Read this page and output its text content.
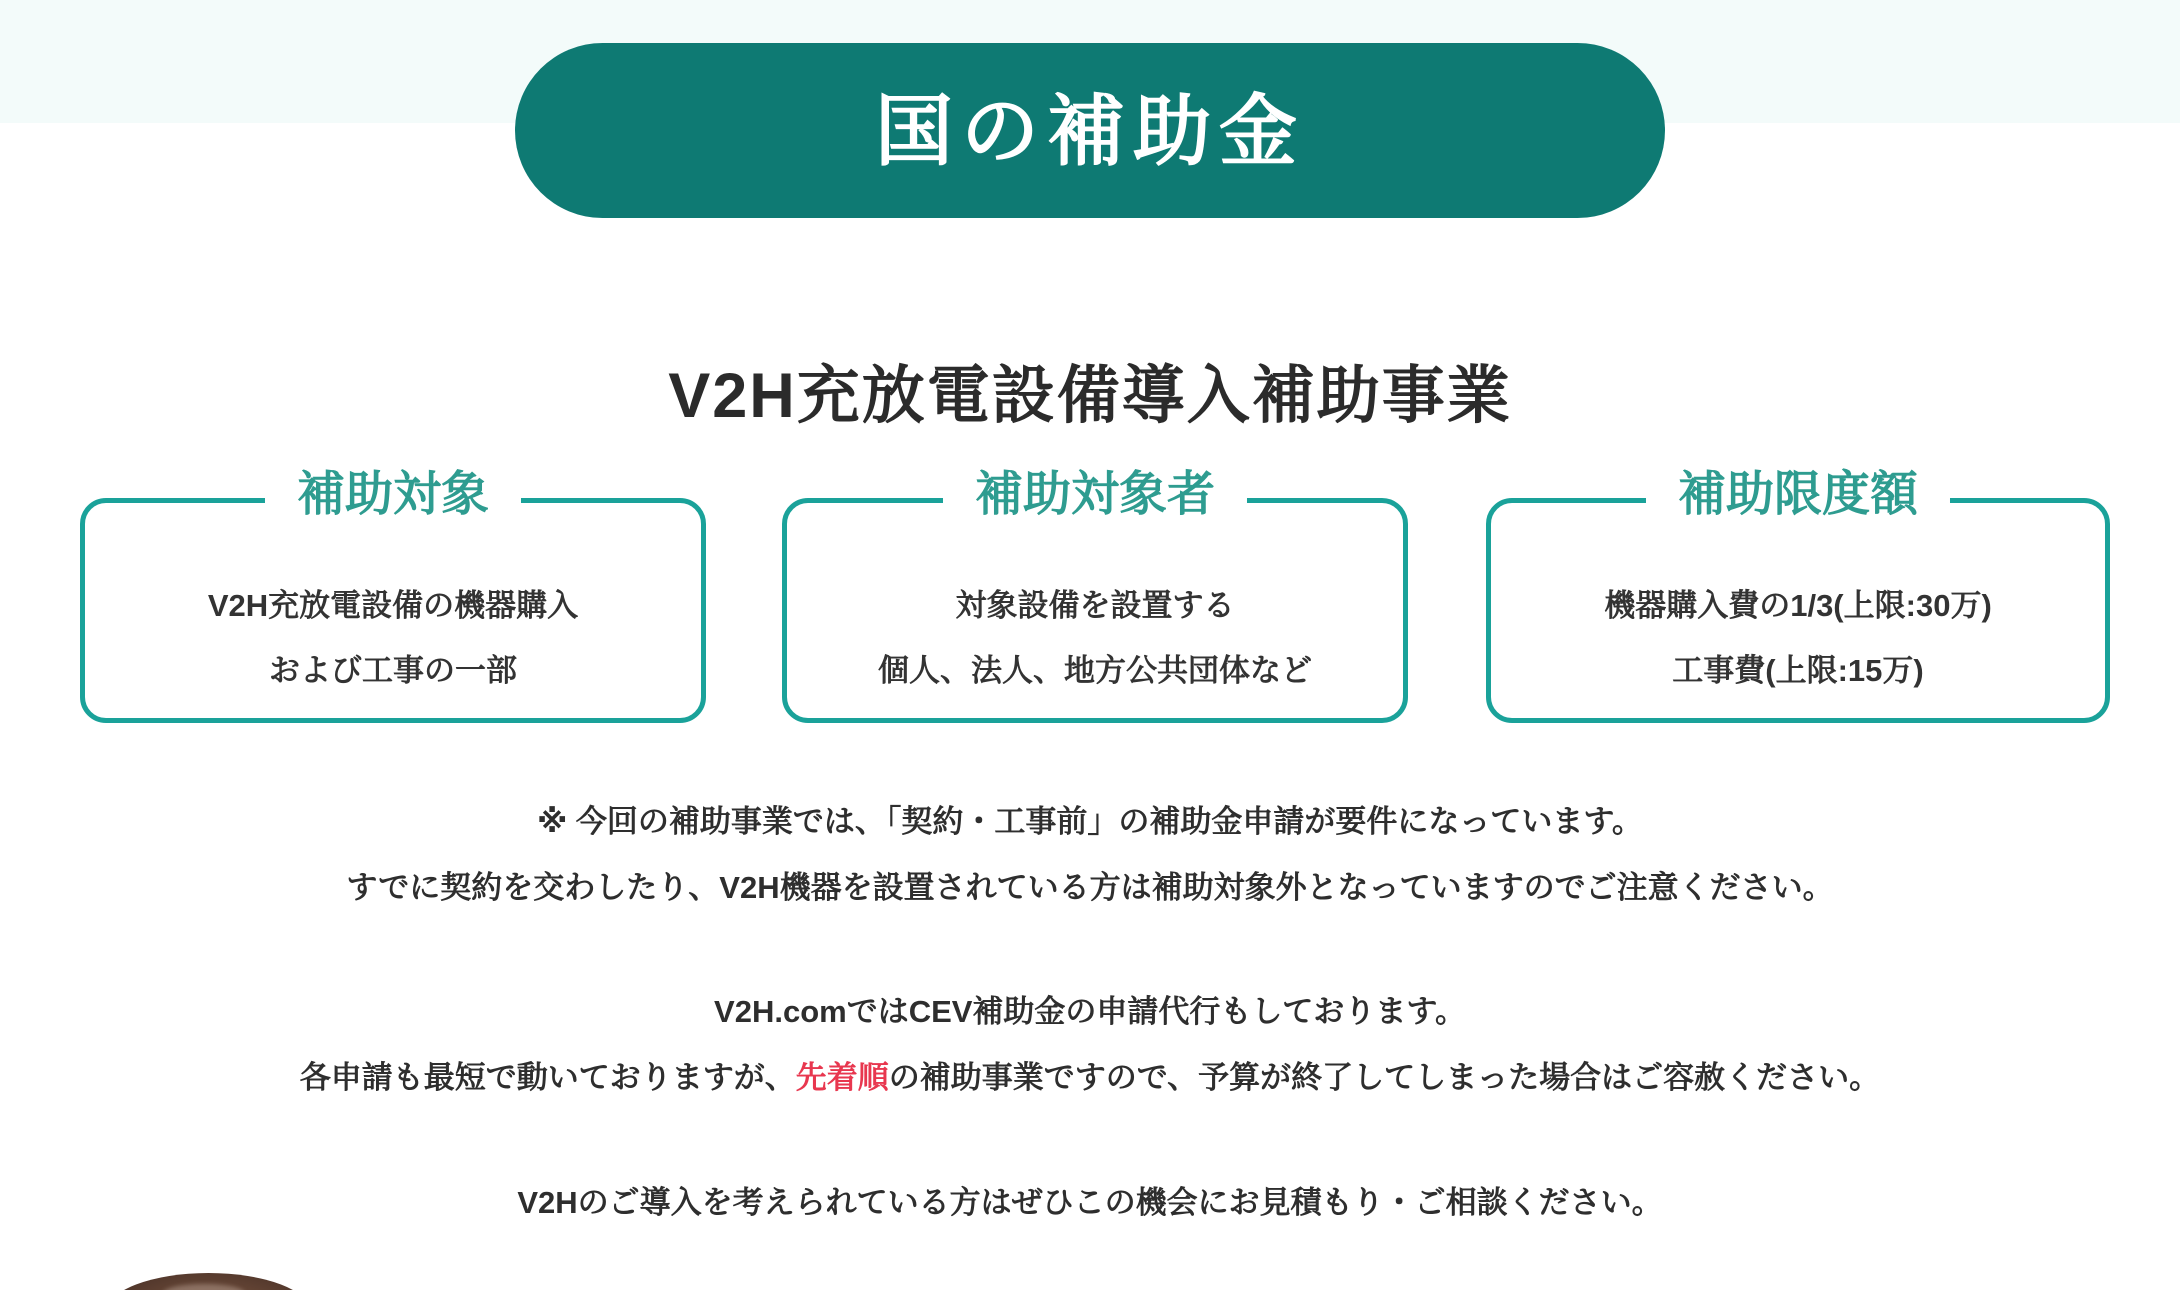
国の補助金
V2H充放電設備導入補助事業
補助対象
V2H充放電設備の機器購入
および工事の一部
補助対象者
対象設備を設置する
個人、法人、地方公共団体など
補助限度額
機器購入費の1/3(上限:30万)
工事費(上限:15万)
※ 今回の補助事業では、「契約・工事前」の補助金申請が要件になっています。
すでに契約を交わしたり、V2H機器を設置されている方は補助対象外となっていますのでご注意ください。
V2H.comではCEV補助金の申請代行もしております。
各申請も最短で動いておりますが、先着順の補助事業ですので、予算が終了してしまった場合はご容赦ください。
V2Hのご導入を考えられている方はぜひこの機会にお見積もり・ご相談ください。
